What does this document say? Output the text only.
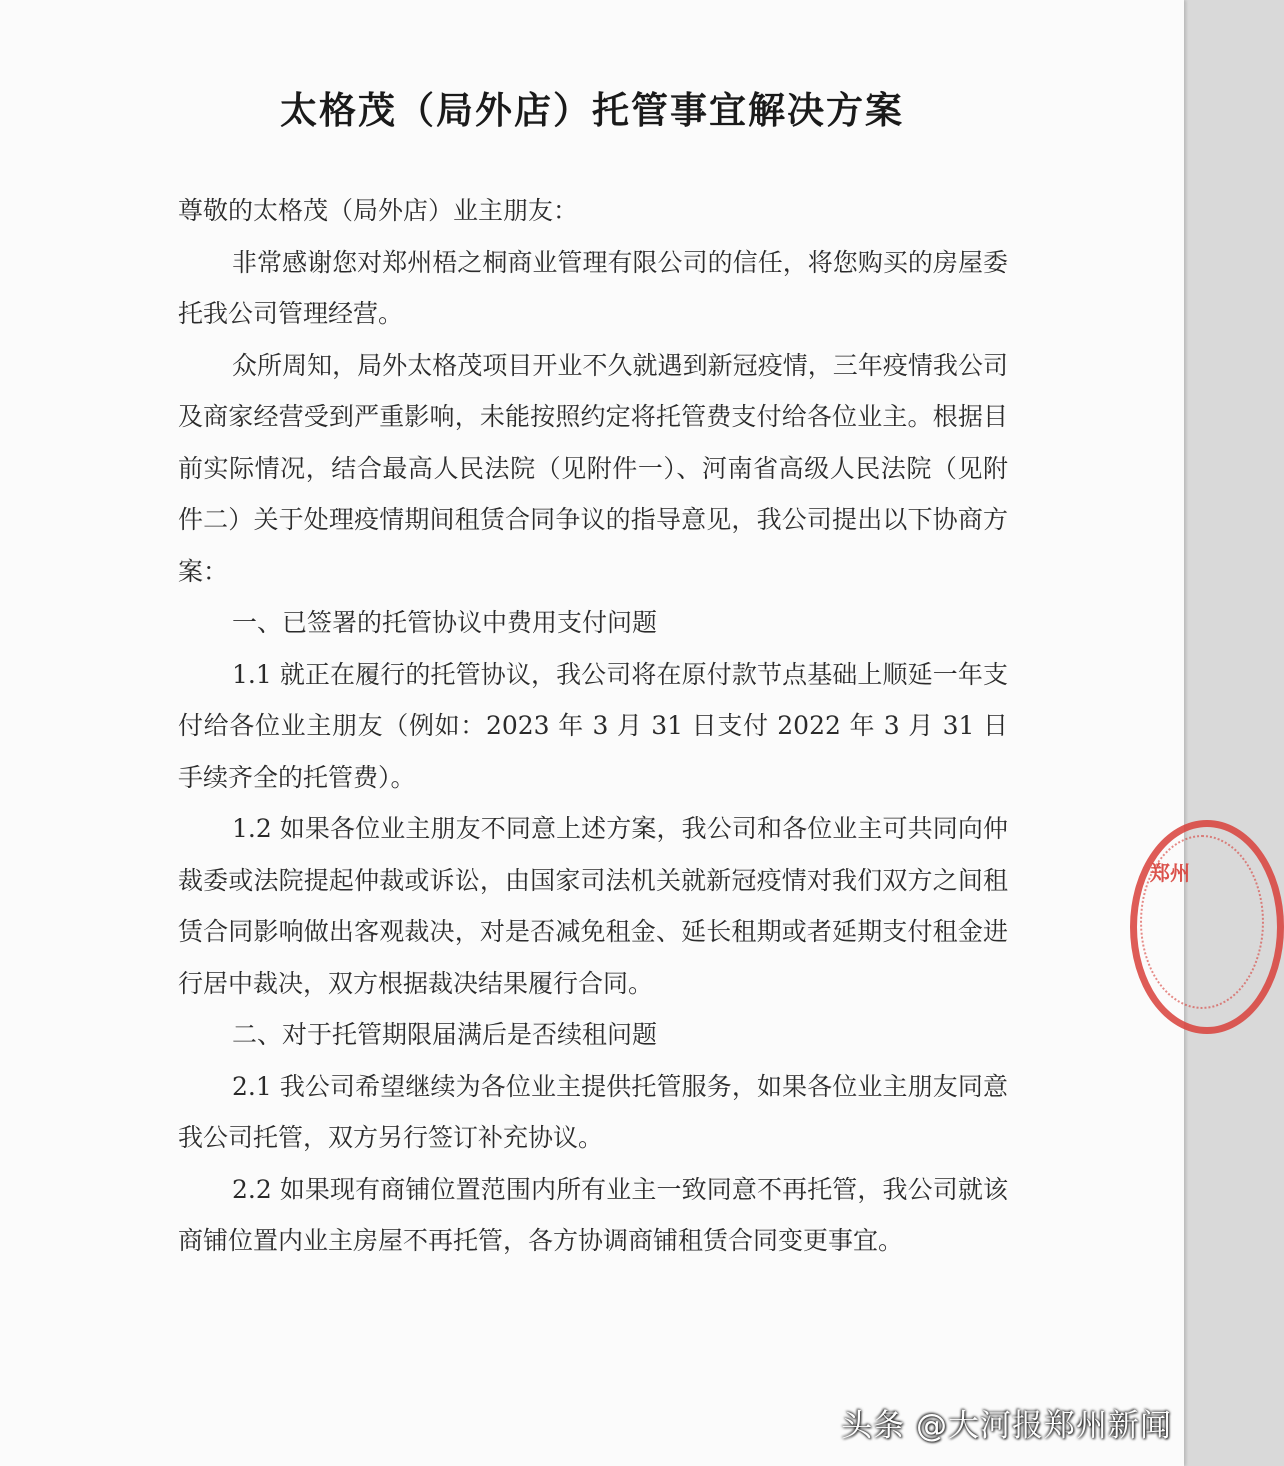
太格茂（局外店）托管事宜解决方案

尊敬的太格茂（局外店）业主朋友：

非常感谢您对郑州梧之桐商业管理有限公司的信任，将您购买的房屋委托我公司管理经营。

众所周知，局外太格茂项目开业不久就遇到新冠疫情，三年疫情我公司及商家经营受到严重影响，未能按照约定将托管费支付给各位业主。根据目前实际情况，结合最高人民法院（见附件一）、河南省高级人民法院（见附件二）关于处理疫情期间租赁合同争议的指导意见，我公司提出以下协商方案：

一、已签署的托管协议中费用支付问题

1.1 就正在履行的托管协议，我公司将在原付款节点基础上顺延一年支付给各位业主朋友（例如：2023 年 3 月 31 日支付 2022 年 3 月 31 日手续齐全的托管费）。

1.2 如果各位业主朋友不同意上述方案，我公司和各位业主可共同向仲裁委或法院提起仲裁或诉讼，由国家司法机关就新冠疫情对我们双方之间租赁合同影响做出客观裁决，对是否减免租金、延长租期或者延期支付租金进行居中裁决，双方根据裁决结果履行合同。

二、对于托管期限届满后是否续租问题

2.1 我公司希望继续为各位业主提供托管服务，如果各位业主朋友同意我公司托管，双方另行签订补充协议。

2.2 如果现有商铺位置范围内所有业主一致同意不再托管，我公司就该商铺位置内业主房屋不再托管，各方协调商铺租赁合同变更事宜。

郑州
头条 @大河报郑州新闻
